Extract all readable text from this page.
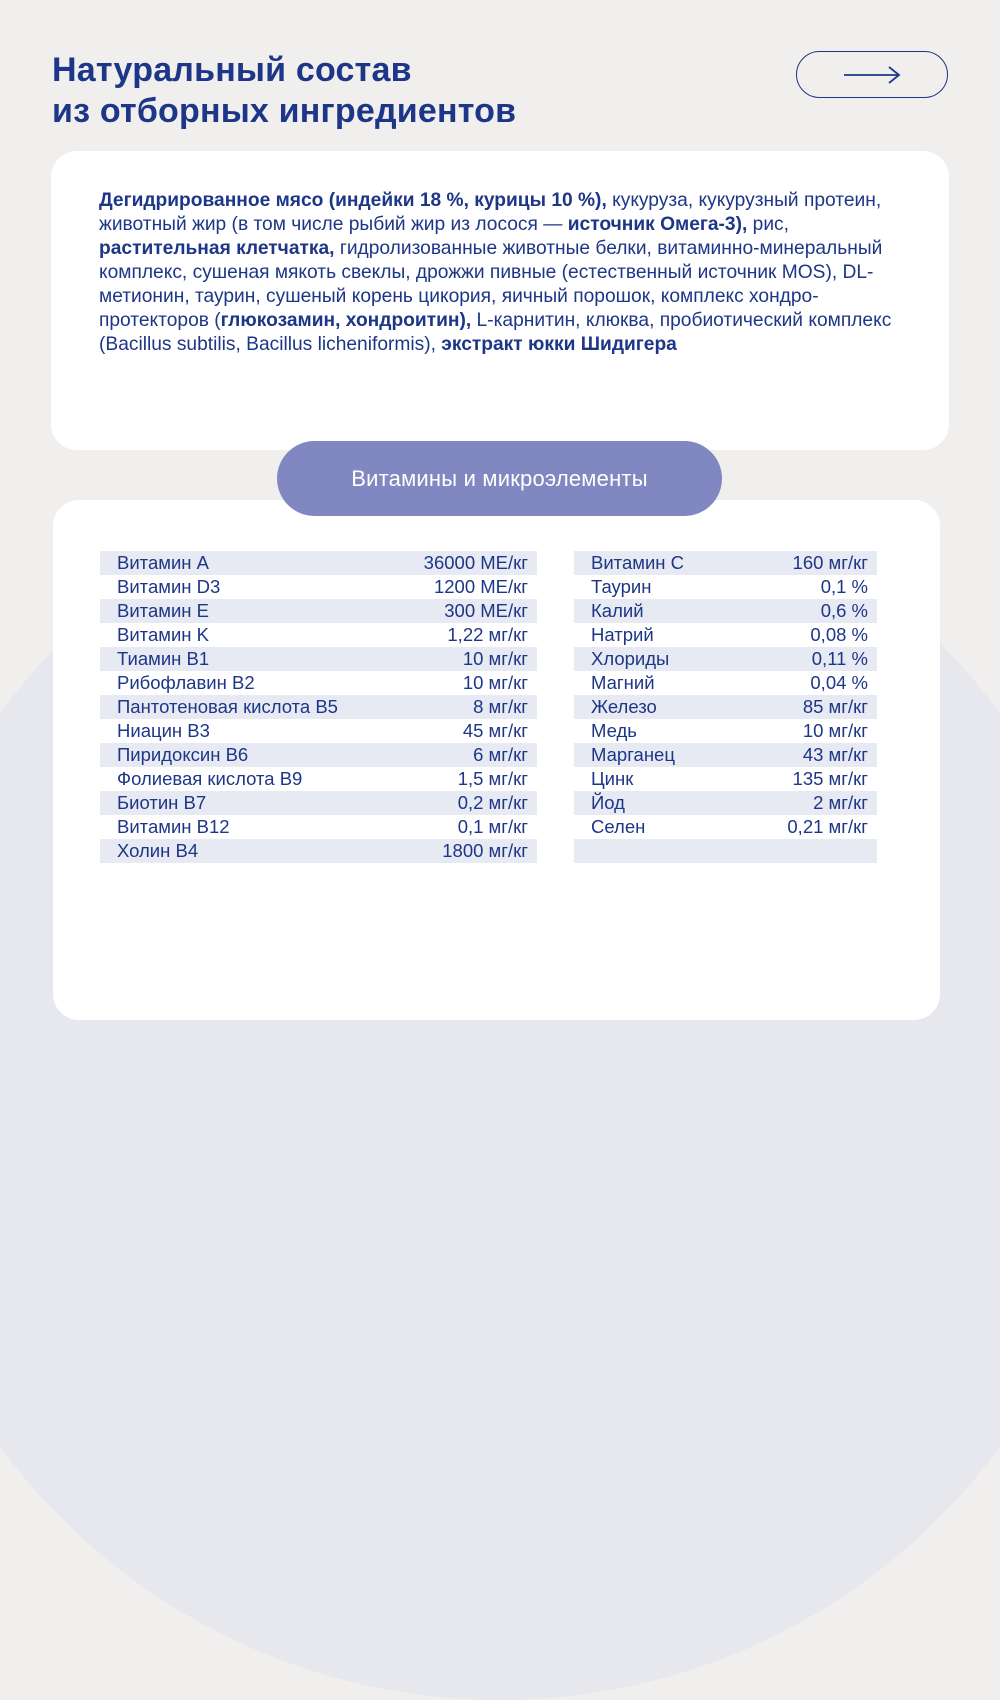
Натуральный состав
из отборных ингредиентов

Дегидрированное мясо (индейки 18 %, курицы 10 %), кукуруза, кукурузный протеин, животный жир (в том числе рыбий жир из лосося — источник Омега-3), рис, растительная клетчатка, гидролизованные животные белки, витаминно-минеральный комплекс, сушеная мякоть свеклы, дрожжи пивные (естественный источник MOS), DL-метионин, таурин, сушеный корень цикория, яичный порошок, комплекс хондро-протекторов (глюкозамин, хондроитин), L-карнитин, клюква, пробиотический комплекс (Bacillus subtilis, Bacillus licheniformis), экстракт юкки Шидигера

Витамины и микроэлементы
Витамин A	36000 МЕ/кг
Витамин D3	1200 МЕ/кг
Витамин E	300 МЕ/кг
Витамин K	1,22 мг/кг
Тиамин B1	10 мг/кг
Рибофлавин B2	10 мг/кг
Пантотеновая кислота B5	8 мг/кг
Ниацин B3	45 мг/кг
Пиридоксин B6	6 мг/кг
Фолиевая кислота B9	1,5 мг/кг
Биотин B7	0,2 мг/кг
Витамин B12	0,1 мг/кг
Холин B4	1800 мг/кг
Витамин C	160 мг/кг
Таурин	0,1 %
Калий	0,6 %
Натрий	0,08 %
Хлориды	0,11 %
Магний	0,04 %
Железо	85 мг/кг
Медь	10 мг/кг
Марганец	43 мг/кг
Цинк	135 мг/кг
Йод	2 мг/кг
Селен	0,21 мг/кг
